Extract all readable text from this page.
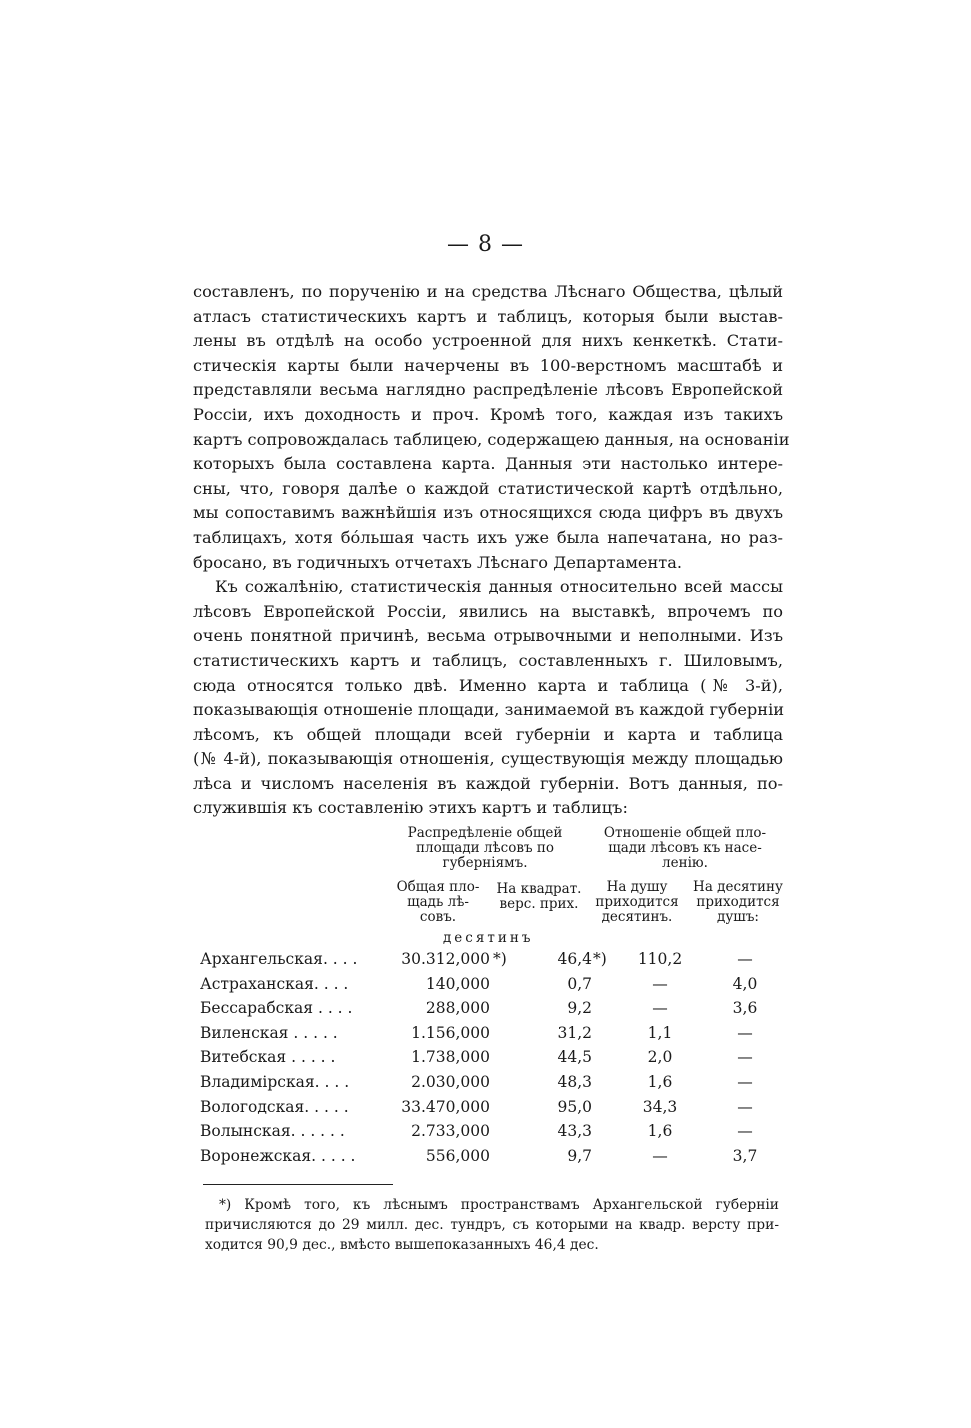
— 8 —
составленъ, по порученію и на средства Лѣснаго Общества, цѣлый
атласъ статистическихъ картъ и таблицъ, которыя были выстав-
лены въ отдѣлѣ на особо устроенной для нихъ кенкеткѣ. Стати-
стическія карты были начерчены въ 100-верстномъ масштабѣ и
представляли весьма наглядно распредѣленіе лѣсовъ Европейской
Россіи, ихъ доходность и проч. Кромѣ того, каждая изъ такихъ
картъ сопровождалась таблицею, содержащею данныя, на основаніи
которыхъ была составлена карта. Данныя эти настолько интере-
сны, что, говоря далѣе о каждой статистической картѣ отдѣльно,
мы сопоставимъ важнѣйшія изъ относящихся сюда цифръ въ двухъ
таблицахъ, хотя бо́льшая часть ихъ уже была напечатана, но раз-
бросано, въ годичныхъ отчетахъ Лѣснаго Департамента.
Къ сожалѣнію, статистическія данныя относительно всей массы
лѣсовъ Европейской Россіи, явились на выставкѣ, впрочемъ по
очень понятной причинѣ, весьма отрывочными и неполными. Изъ
статистическихъ картъ и таблицъ, составленныхъ г. Шиловымъ,
сюда относятся только двѣ. Именно карта и таблица (№ 3-й),
показывающія отношеніе площади, занимаемой въ каждой губерніи
лѣсомъ, къ общей площади всей губерніи и карта и таблица
(№ 4-й), показывающія отношенія, существующія между площадью
лѣса и числомъ населенія въ каждой губерніи. Вотъ данныя, по-
служившія къ составленію этихъ картъ и таблицъ:
Распредѣленіе общей
площади лѣсовъ по
губерніямъ.
Отношеніе общей пло-
щади лѣсовъ къ насе-
ленію.
Общая пло-
щадь лѣ-
совъ.
На квадрат.
верс. прих.
На душу
приходится
десятинъ.
На десятину
приходится
душъ:
десятинъ
Архангельская. . . .	30.312,000 *)	46,4 *)	110,2	—
Астраханская. . . .	140,000	0,7	—	4,0
Бессарабская . . . .	288,000	9,2	—	3,6
Виленская . . . . .	1.156,000	31,2	1,1	—
Витебская . . . . .	1.738,000	44,5	2,0	—
Владимірская. . . .	2.030,000	48,3	1,6	—
Вологодская. . . . .	33.470,000	95,0	34,3	—
Волынская. . . . . .	2.733,000	43,3	1,6	—
Воронежская. . . . .	556,000	9,7	—	3,7
*) Кромѣ того, къ лѣснымъ пространствамъ Архангельской губерніи
причисляются до 29 милл. дес. тундръ, съ которыми на квадр. версту при-
ходится 90,9 дес., вмѣсто вышепоказанныхъ 46,4 дес.
